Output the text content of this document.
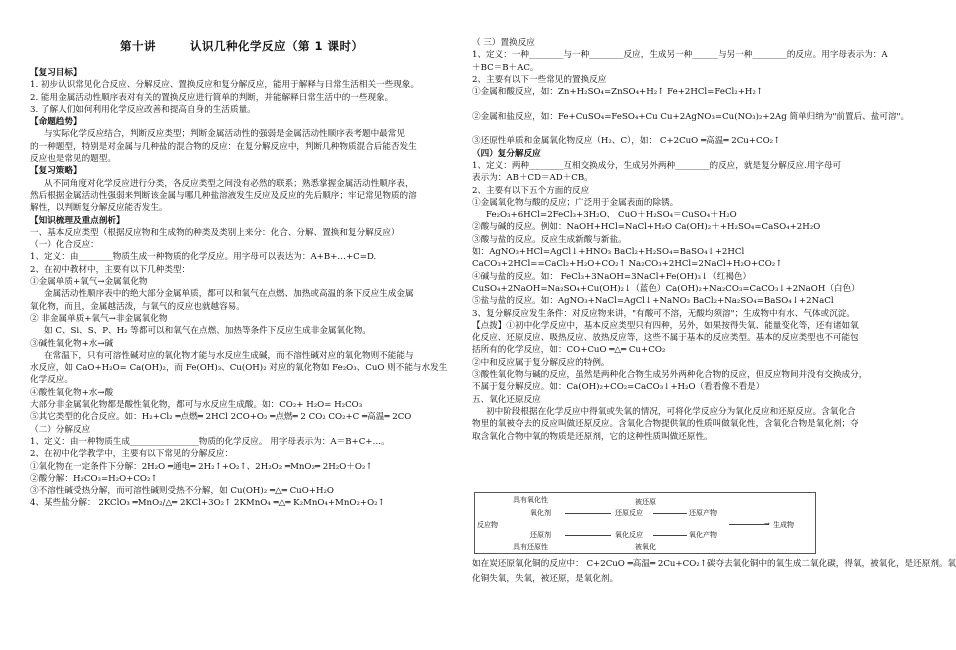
第十讲	认识几种化学反应（第 1 课时）
【复习目标】
1. 初步认识常见化合反应、分解反应、置换反应和复分解反应，能用于解释与日常生活相关一些现象。
2. 能用金属活动性顺序表对有关的置换反应进行简单的判断，并能解释日常生活中的一些现象。
3. 了解人们如何利用化学反应改善和提高自身的生活质量。
【命题趋势】
与实际化学反应结合，判断反应类型；判断金属活动性的强弱是金属活动性顺序表考题中最常见
的一种题型，特别是对金属与几种盐的混合物的反应：在复分解反应中，判断几种物质混合后能否发生
反应也是常见的题型。
【复习策略】
从不同角度对化学反应进行分类，各反应类型之间没有必然的联系；熟悉掌握金属活动性顺序表，
然后根据金属活动性强弱来判断该金属与哪几种盐溶液发生反应及反应的先后顺序；牢记常见物质的溶
解性，以判断复分解反应能否发生。
【知识梳理及重点剖析】
一、基本反应类型（根据反应物和生成物的种类及类别上来分：化合、分解、置换和复分解反应）
（一）化合反应：
1、定义：由________物质生成一种物质的化学反应。用字母可以表达为：A+B+…+C=D.
2、在初中教材中，主要有以下几种类型：
①金属单质+氧气→金属氧化物
金属活动性顺序表中的绝大部分金属单质，都可以和氧气在点燃、加热或高温的条下反应生成金属
氧化物，而且，金属越活泼，与氧气的反应也就越容易。
② 非金属单质+氧气→非金属氧化物
如 C、Si、S、P、H₂ 等都可以和氧气在点燃、加热等条件下反应生成非金属氧化物。
③碱性氧化物+水→碱
在常温下，只有可溶性碱对应的氧化物才能与水反应生成碱，而不溶性碱对应的氧化物则不能能与
水反应，如 CaO+H₂O= Ca(OH)₂，而 Fe(OH)₃、Cu(OH)₂ 对应的氧化物如 Fe₂O₃、CuO 则不能与水发生
化学反应。
④酸性氧化物+水→酸
大部分非金属氧化物都是酸性氧化物，都可与水反应生成酸。如：CO₂+ H₂O= H₂CO₃
⑤其它类型的化合反应。如：H₂+Cl₂ ═点燃═ 2HCl 2CO+O₂ ═点燃═ 2 CO₂ CO₂+C ═高温═ 2CO
（二）分解反应
1、定义：由一种物质生成________________物质的化学反应。 用字母表示为：A＝B+C+…。
2、在初中化学教学中，主要有以下常见的分解反应：
①氧化物在一定条件下分解：2H₂O ═通电═ 2H₂↑+O₂↑、2H₂O₂ ═MnO₂═ 2H₂O＋O₂↑
②酸分解：H₂CO₃=H₂O+CO₂↑
③不溶性碱受热分解，而可溶性碱则受热不分解，如 Cu(OH)₂ ═△═ CuO+H₂O
4、某些盐分解： 2KClO₃ ═MnO₂/△═ 2KCl+3O₂↑ 2KMnO₄ ═△═ K₂MnO₄+MnO₂+O₂↑
（ 三）置换反应
1、定义：一种________与一种________反应，生成另一种______与另一种________的反应。用字母表示为：A
＋BC＝B＋AC。
2、主要有以下一些常见的置换反应
①金属和酸反应，如：Zn+H₂SO₄=ZnSO₄+H₂↑ Fe+2HCl=FeCl₂+H₂↑

②金属和盐反应，如：Fe+CuSO₄=FeSO₄+Cu Cu+2AgNO₃=Cu(NO₃)₂+2Ag 简单归纳为"前置后、盐可溶"。

③还原性单质和金属氧化物反应（H₂、C），如： C+2CuO ═高温═ 2Cu+CO₂↑
（四）复分解反应
1、定义：两种________互相交换成分，生成另外两种________的反应，就是复分解反应.用字母可
表示为：AB＋CD＝AD＋CB。
2、主要有以下五个方面的反应
①金属氧化物与酸的反应；广泛用于金属表面的除锈。
Fe₂O₃+6HCl=2FeCl₃+3H₂O、 CuO＋H₂SO₄＝CuSO₄＋H₂O
②酸与碱的反应。例如：NaOH+HCl=NaCl+H₂O Ca(OH)₂＋+H₂SO₄=CaSO₄+2H₂O
③酸与盐的反应。反应生成新酸与新盐。
如：AgNO₃+HCl=AgCl↓+HNO₃ BaCl₂+H₂SO₄=BaSO₄↓+2HCl
CaCO₃+2HCl==CaCl₂+H₂O+CO₂↑ Na₂CO₃+2HCl=2NaCl+H₂O+CO₂↑
④碱与盐的反应。如： FeCl₃+3NaOH=3NaCl+Fe(OH)₃↓（红褐色）
CuSO₄+2NaOH=Na₂SO₄+Cu(OH)₂↓（蓝色）Ca(OH)₂+Na₂CO₃=CaCO₃↓+2NaOH（白色）
⑤盐与盐的反应。如：AgNO₃+NaCl=AgCl↓+NaNO₃ BaCl₂+Na₂SO₄=BaSO₄↓+2NaCl
3、复分解反应发生条件：对反应物来讲，"有酸可不溶，无酸均须溶"；生成物中有水、气体或沉淀。
【点拨】①初中化学反应中，基本反应类型只有四种，另外，如果按得失氧、能量变化等，还有诸如氧
化反应、还原反应、吸热反应、放热反应等，这些不属于基本的反应类型。基本的反应类型也不可能包
括所有的化学反应，如：CO+CuO ═△═ Cu+CO₂
②中和反应属于复分解反应的特例。
③酸性氧化物与碱的反应，虽然是两种化合物生成另外两种化合物的反应，但反应物间并没有交换成分，
不属于复分解反应。如：Ca(OH)₂+CO₂=CaCO₃↓+H₂O（看看像不看是）
五、氧化还原反应
初中阶段根据在化学反应中得氧或失氧的情况，可将化学反应分为氧化反应和还原反应。含氧化合
物里的氧被夺去的反应叫做还原反应。含氧化合物提供氧的性质叫做氧化性，含氧化合物是氧化剂；夺
取含氧化合物中氧的物质是还原剂，它的这种性质叫做还原性。
具有氧化性	被还原
氧化剂	还原反应	还原产物
反应物
还原剂	氧化反应	氧化产物
生成物
具有还原性	被氧化
→
如在炭还原氧化铜的反应中： C+2CuO ═高温═ 2Cu+CO₂↑碳夺去氧化铜中的氧生成二氧化碳，得氧，被氧化，是还原剂。氧
化铜失氧，失氧，被还原，是氧化剂。
